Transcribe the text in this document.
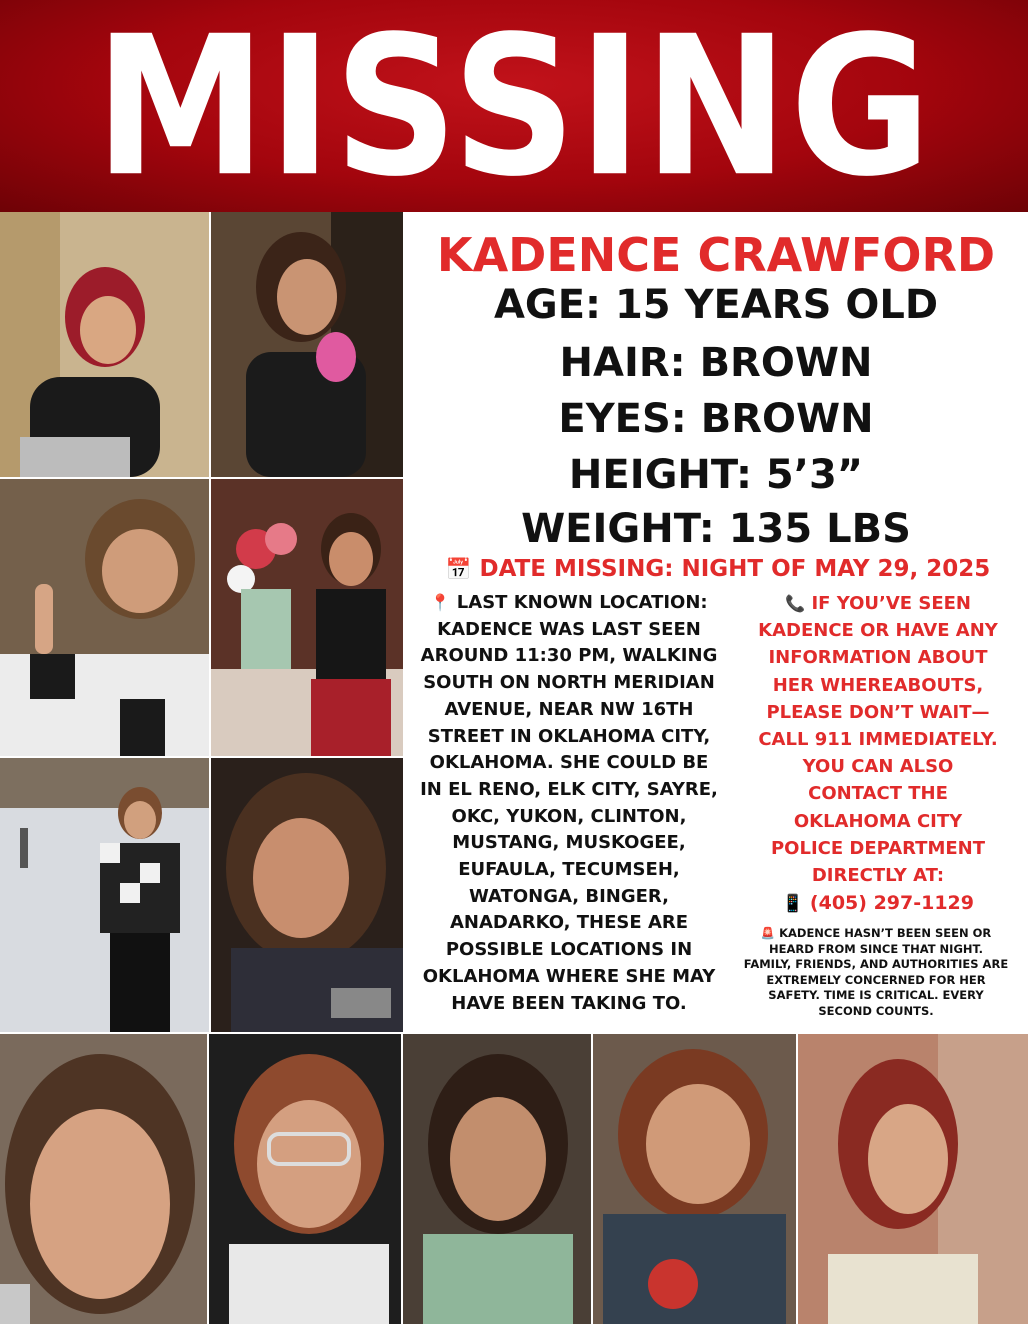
MISSING
KADENCE CRAWFORD
AGE: 15 YEARS OLD
HAIR: BROWN
EYES: BROWN
HEIGHT: 5’3”
WEIGHT: 135 LBS
📅 DATE MISSING: NIGHT OF MAY 29, 2025
📍 LAST KNOWN LOCATION:
KADENCE WAS LAST SEEN
AROUND 11:30 PM, WALKING
SOUTH ON NORTH MERIDIAN
AVENUE, NEAR NW 16TH
STREET IN OKLAHOMA CITY,
OKLAHOMA. SHE COULD BE
IN EL RENO, ELK CITY, SAYRE,
OKC, YUKON, CLINTON,
MUSTANG, MUSKOGEE,
EUFAULA, TECUMSEH,
WATONGA, BINGER,
ANADARKO, THESE ARE
POSSIBLE LOCATIONS IN
OKLAHOMA WHERE SHE MAY
HAVE BEEN TAKING TO.
📞 IF YOU’VE SEEN
KADENCE OR HAVE ANY
INFORMATION ABOUT
HER WHEREABOUTS,
PLEASE DON’T WAIT—
CALL 911 IMMEDIATELY.
YOU CAN ALSO
CONTACT THE
OKLAHOMA CITY
POLICE DEPARTMENT
DIRECTLY AT:
📱 (405) 297-1129
🚨 KADENCE HASN’T BEEN SEEN OR
HEARD FROM SINCE THAT NIGHT.
FAMILY, FRIENDS, AND AUTHORITIES ARE
EXTREMELY CONCERNED FOR HER
SAFETY. TIME IS CRITICAL. EVERY
SECOND COUNTS.
